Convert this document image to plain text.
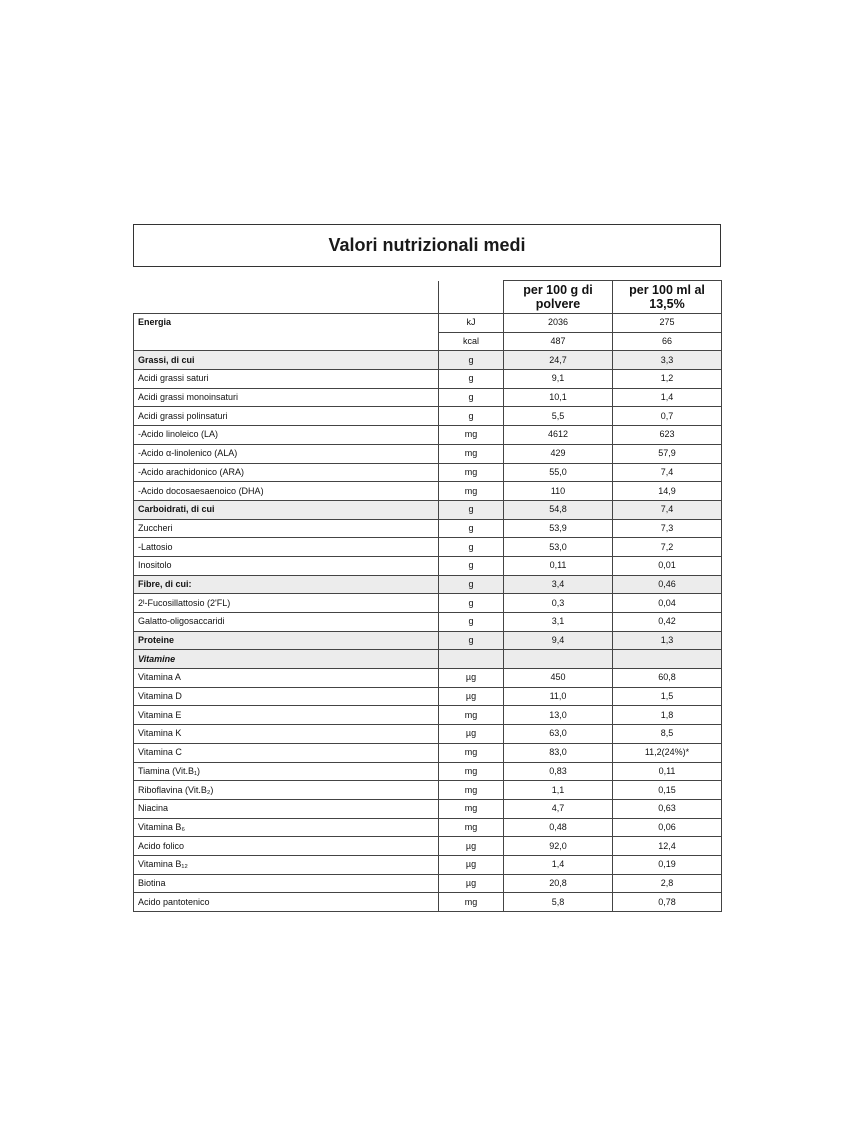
Valori nutrizionali medi
		per 100 g di polvere	per 100 ml al 13,5%
Energia	kJ	2036	275
	kcal	487	66
Grassi, di cui	g	24,7	3,3
Acidi grassi saturi	g	9,1	1,2
Acidi grassi monoinsaturi	g	10,1	1,4
Acidi grassi polinsaturi	g	5,5	0,7
-Acido linoleico (LA)	mg	4612	623
-Acido α-linolenico (ALA)	mg	429	57,9
-Acido arachidonico (ARA)	mg	55,0	7,4
-Acido docosaesaenoico (DHA)	mg	110	14,9
Carboidrati, di cui	g	54,8	7,4
Zuccheri	g	53,9	7,3
-Lattosio	g	53,0	7,2
Inositolo	g	0,11	0,01
Fibre, di cui:	g	3,4	0,46
2ᴵ-Fucosillattosio (2'FL)	g	0,3	0,04
Galatto-oligosaccaridi	g	3,1	0,42
Proteine	g	9,4	1,3
Vitamine			
Vitamina A	µg	450	60,8
Vitamina D	µg	11,0	1,5
Vitamina E	mg	13,0	1,8
Vitamina K	µg	63,0	8,5
Vitamina C	mg	83,0	11,2(24%)*
Tiamina (Vit.B₁)	mg	0,83	0,11
Riboflavina (Vit.B₂)	mg	1,1	0,15
Niacina	mg	4,7	0,63
Vitamina B₆	mg	0,48	0,06
Acido folico	µg	92,0	12,4
Vitamina B₁₂	µg	1,4	0,19
Biotina	µg	20,8	2,8
Acido pantotenico	mg	5,8	0,78
